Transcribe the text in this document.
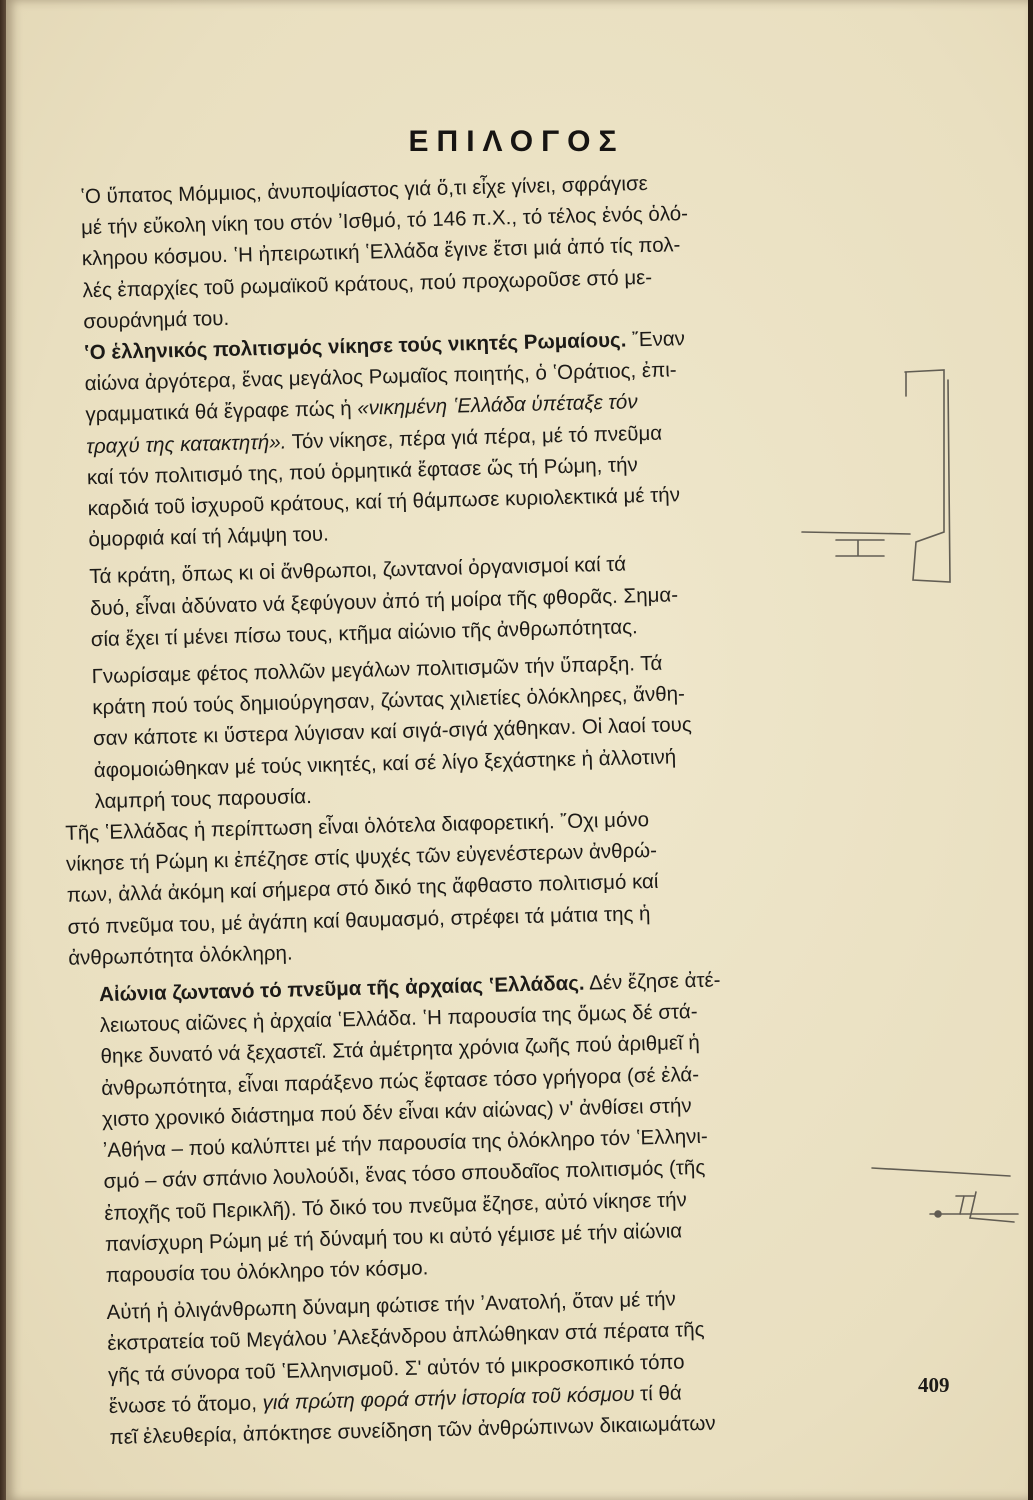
ΕΠΙΛΟΓΟΣ

ʽΟ ὕπατος Μόμμιος, ἀνυποψίαστος γιά ὅ,τι εἶχε γίνει, σφράγισε
μέ τήν εὔκολη νίκη του στόν ʼΙσθμό, τό 146 π.Χ., τό τέλος ἑνός ὁλό-
κληρου κόσμου. ʽΗ ἠπειρωτική ʽΕλλάδα ἔγινε ἔτσι μιά ἀπό τίς πολ-
λές ἐπαρχίες τοῦ ρωμαϊκοῦ κράτους, πού προχωροῦσε στό με-
σουράνημά του.

ʽΟ ἑλληνικός πολιτισμός νίκησε τούς νικητές Ρωμαίους. ῎Εναν
αἰώνα ἀργότερα, ἕνας μεγάλος Ρωμαῖος ποιητής, ὁ ʽΟράτιος, ἐπι-
γραμματικά θά ἔγραφε πώς ἡ «νικημένη ʽΕλλάδα ὑπέταξε τόν
τραχύ της κατακτητή». Τόν νίκησε, πέρα γιά πέρα, μέ τό πνεῦμα
καί τόν πολιτισμό της, πού ὁρμητικά ἔφτασε ὥς τή Ρώμη, τήν
καρδιά τοῦ ἰσχυροῦ κράτους, καί τή θάμπωσε κυριολεκτικά μέ τήν
ὀμορφιά καί τή λάμψη του.

Τά κράτη, ὅπως κι οἱ ἄνθρωποι, ζωντανοί ὀργανισμοί καί τά
δυό, εἶναι ἀδύνατο νά ξεφύγουν ἀπό τή μοίρα τῆς φθορᾶς. Σημα-
σία ἔχει τί μένει πίσω τους, κτῆμα αἰώνιο τῆς ἀνθρωπότητας.

Γνωρίσαμε φέτος πολλῶν μεγάλων πολιτισμῶν τήν ὕπαρξη. Τά
κράτη πού τούς δημιούργησαν, ζώντας χιλιετίες ὁλόκληρες, ἄνθη-
σαν κάποτε κι ὕστερα λύγισαν καί σιγά-σιγά χάθηκαν. Οἱ λαοί τους
ἀφομοιώθηκαν μέ τούς νικητές, καί σέ λίγο ξεχάστηκε ἡ ἀλλοτινή
λαμπρή τους παρουσία.

Τῆς ʽΕλλάδας ἡ περίπτωση εἶναι ὁλότελα διαφορετική. ῎Οχι μόνο
νίκησε τή Ρώμη κι ἐπέζησε στίς ψυχές τῶν εὐγενέστερων ἀνθρώ-
πων, ἀλλά ἀκόμη καί σήμερα στό δικό της ἄφθαστο πολιτισμό καί
στό πνεῦμα του, μέ ἀγάπη καί θαυμασμό, στρέφει τά μάτια της ἡ
ἀνθρωπότητα ὁλόκληρη.

Αἰώνια ζωντανό τό πνεῦμα τῆς ἀρχαίας ʽΕλλάδας. Δέν ἔζησε ἀτέ-
λειωτους αἰῶνες ἡ ἀρχαία ʽΕλλάδα. ʽΗ παρουσία της ὅμως δέ στά-
θηκε δυνατό νά ξεχαστεῖ. Στά ἀμέτρητα χρόνια ζωῆς πού ἀριθμεῖ ἡ
ἀνθρωπότητα, εἶναι παράξενο πώς ἔφτασε τόσο γρήγορα (σέ ἐλά-
χιστο χρονικό διάστημα πού δέν εἶναι κάν αἰώνας) ν' ἀνθίσει στήν
ʼΑθήνα – πού καλύπτει μέ τήν παρουσία της ὁλόκληρο τόν ʽΕλληνι-
σμό – σάν σπάνιο λουλούδι, ἕνας τόσο σπουδαῖος πολιτισμός (τῆς
ἐποχῆς τοῦ Περικλῆ). Τό δικό του πνεῦμα ἔζησε, αὐτό νίκησε τήν
πανίσχυρη Ρώμη μέ τή δύναμή του κι αὐτό γέμισε μέ τήν αἰώνια
παρουσία του ὁλόκληρο τόν κόσμο.

Αὐτή ἡ ὀλιγάνθρωπη δύναμη φώτισε τήν ʼΑνατολή, ὅταν μέ τήν
ἐκστρατεία τοῦ Μεγάλου ʼΑλεξάνδρου ἁπλώθηκαν στά πέρατα τῆς
γῆς τά σύνορα τοῦ ʽΕλληνισμοῦ. Σ' αὐτόν τό μικροσκοπικό τόπο
ἕνωσε τό ἄτομο, γιά πρώτη φορά στήν ἱστορία τοῦ κόσμου τί θά
πεῖ ἐλευθερία, ἀπόκτησε συνείδηση τῶν ἀνθρώπινων δικαιωμάτων

409
